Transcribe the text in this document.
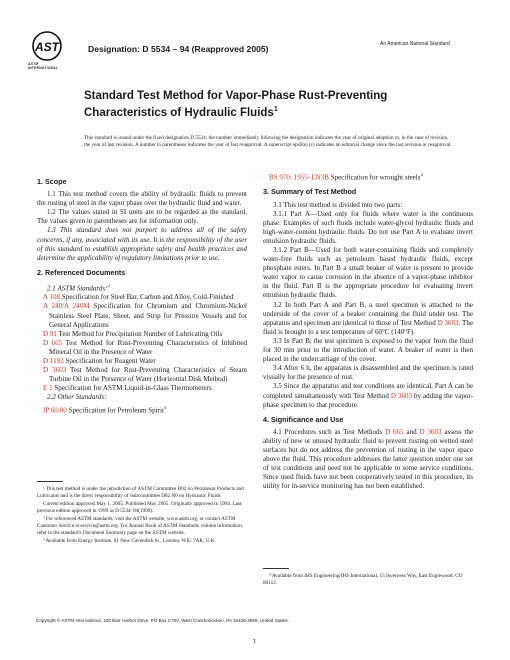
AST
ASTM INTERNATIONAL
Designation: D 5534 – 94 (Reapproved 2005)	An American National Standard
Standard Test Method for Vapor-Phase Rust-Preventing Characteristics of Hydraulic Fluids$^1$
This standard is issued under the fixed designation D 5534; the number immediately following the designation indicates the year of original adoption or, in the case of revision, the year of last revision. A number in parentheses indicates the year of last reapproval. A superscript epsilon (ε) indicates an editorial change since the last revision or reapproval.

1. Scope

1.1 This test method covers the ability of hydraulic fluids to prevent the rusting of steel in the vapor phase over the hydraulic fluid and water.

1.2 The values stated in SI units are to be regarded as the standard. The values given in parentheses are for information only.

1.3 This standard does not purport to address all of the safety concerns, if any, associated with its use. It is the responsibility of the user of this standard to establish appropriate safety and health practices and determine the applicability of regulatory limitations prior to use.

2. Referenced Documents

2.1 ASTM Standards:$^2$

A 108 Specification for Steel Bar, Carbon and Alloy, Cold-Finished

A 240/A 240M Specification for Chromium and Chromium-Nickel Stainless Steel Plate, Sheet, and Strip for Pressure Vessels and for General Applications

D 91 Test Method for Precipitation Number of Lubricating Oils

D 665 Test Method for Rust-Preventing Characteristics of Inhibited Mineral Oil in the Presence of Water

D 1193 Specification for Reagent Water

D 3603 Test Method for Rust-Preventing Characteristics of Steam Turbine Oil in the Presence of Water (Horizontal Disk Method)

E 1 Specification for ASTM Liquid-in-Glass Thermometers

2.2 Other Standards:

IP 60/80 Specification for Petroleum Spirit$^3$

¹ This test method is under the jurisdiction of ASTM Committee D02 on Petroleum Products and Lubricants and is the direct responsibility of Subcommittee D02.N0 on Hydraulic Fluids.

Current edition approved May 1, 2005. Published May 2005. Originally approved in 1994. Last previous edition approved in 1999 as D 5534–94(1999).

² For referenced ASTM standards, visit the ASTM website, www.astm.org, or contact ASTM Customer Service at service@astm.org. For Annual Book of ASTM Standards volume information, refer to the standard's Document Summary page on the ASTM website.

³ Available from Energy Institute, 61 New Cavendish St., London, WIG 7AR, U.K.

BS 970: 1955–EN3B Specification for wrought steels$^4$

3. Summary of Test Method

3.1 This test method is divided into two parts:

3.1.1 Part A—Used only for fluids where water is the continuous phase. Examples of such fluids include water-glycol hydraulic fluids and high-water-content hydraulic fluids. Do not use Part A to evaluate invert emulsion hydraulic fluids.

3.1.2 Part B—Used for both water-containing fluids and completely water-free fluids such as petroleum based hydraulic fluids, except phosphate esters. In Part B a small beaker of water is present to provide water vapor to cause corrosion in the absence of a vapor-phase inhibitor in the fluid. Part B is the appropriate procedure for evaluating invert emulsion hydraulic fluids.

3.2 In both Part A and Part B, a steel specimen is attached to the underside of the cover of a beaker containing the fluid under test. The apparatus and specimen are identical to those of Test Method D 3603. The fluid is brought to a test temperature of 60°C (140°F).

3.3 In Part B, the test specimen is exposed to the vapor from the fluid for 30 min prior to the introduction of water. A beaker of water is then placed in the undercarriage of the cover.

3.4 After 6 h, the apparatus is disassembled and the specimen is rated visually for the presence of rust.

3.5 Since the apparatus and test conditions are identical, Part A can be completed simultaneously with Test Method D 3603 by adding the vapor-phase specimen to that procedure.

4. Significance and Use

4.1 Procedures such as Test Methods D 665 and D 3603 assess the ability of new or unused hydraulic fluid to prevent rusting on wetted steel surfaces but do not address the prevention of rusting in the vapor space above the fluid. This procedure addresses the latter question under one set of test conditions and need not be applicable to some service conditions. Since used fluids have not been cooperatively tested in this procedure, its utility for in-service monitoring has not been established.

⁴ Available from IHS Engineering/IHS International, 15 Inverness Way, East Englewood, CO 80112.

Copyright © ASTM International, 100 Barr Harbor Drive, PO Box C700, West Conshohocken, PA 19428-2959, United States.
1
